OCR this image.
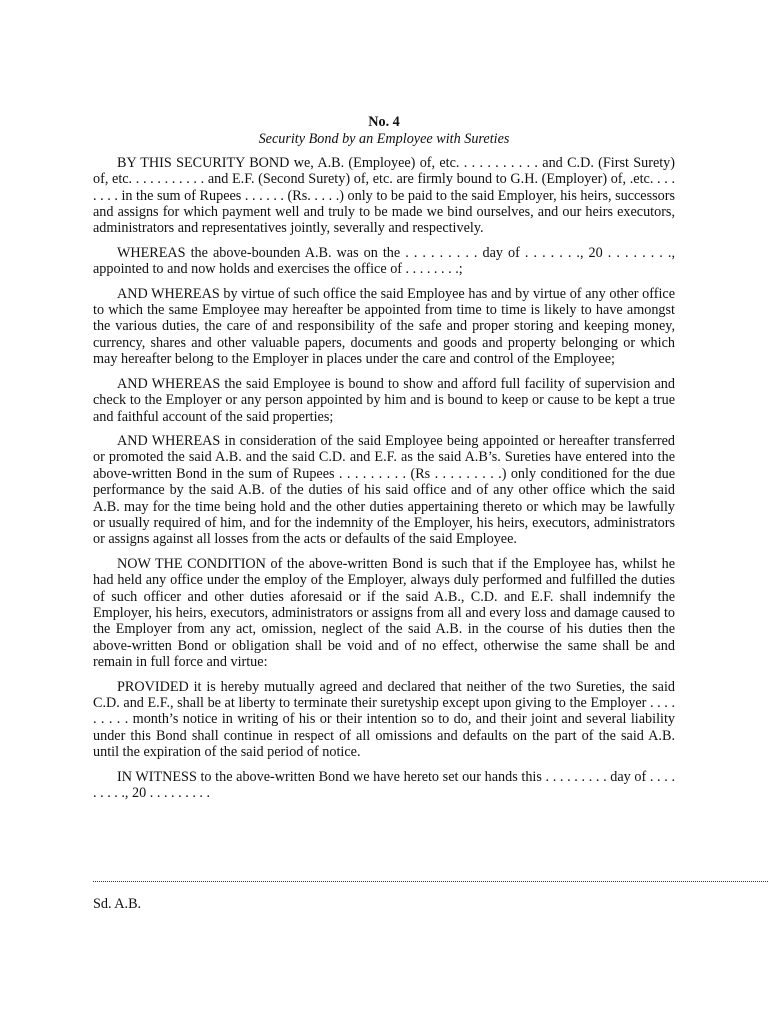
No. 4
Security Bond by an Employee with Sureties

BY THIS SECURITY BOND we, A.B. (Employee) of, etc. . . . . . . . . . . and C.D. (First Surety) of, etc. . . . . . . . . . . and E.F. (Second Surety) of, etc. are firmly bound to G.H. (Employer) of, .etc. . . . . . . . in the sum of Rupees . . . . . . (Rs. . . . .) only to be paid to the said Employer, his heirs, successors and assigns for which payment well and truly to be made we bind ourselves, and our heirs executors, administrators and representatives jointly, severally and respectively.

WHEREAS the above-bounden A.B. was on the . . . . . . . . . day of . . . . . . ., 20 . . . . . . . ., appointed to and now holds and exercises the office of . . . . . . . .;

AND WHEREAS by virtue of such office the said Employee has and by virtue of any other office to which the same Employee may hereafter be appointed from time to time is likely to have amongst the various duties, the care of and responsibility of the safe and proper storing and keeping money, currency, shares and other valuable papers, documents and goods and property belonging or which may hereafter belong to the Employer in places under the care and control of the Employee;

AND WHEREAS the said Employee is bound to show and afford full facility of supervision and check to the Employer or any person appointed by him and is bound to keep or cause to be kept a true and faithful account of the said properties;

AND WHEREAS in consideration of the said Employee being appointed or hereafter transferred or promoted the said A.B. and the said C.D. and E.F. as the said A.B’s. Sureties have entered into the above-written Bond in the sum of Rupees . . . . . . . . . (Rs . . . . . . . . .) only conditioned for the due performance by the said A.B. of the duties of his said office and of any other office which the said A.B. may for the time being hold and the other duties appertaining thereto or which may be lawfully or usually required of him, and for the indemnity of the Employer, his heirs, executors, administrators or assigns against all losses from the acts or defaults of the said Employee.

NOW THE CONDITION of the above-written Bond is such that if the Employee has, whilst he had held any office under the employ of the Employer, always duly performed and fulfilled the duties of such officer and other duties aforesaid or if the said A.B., C.D. and E.F. shall indemnify the Employer, his heirs, executors, administrators or assigns from all and every loss and damage caused to the Employer from any act, omission, neglect of the said A.B. in the course of his duties then the above-written Bond or obligation shall be void and of no effect, otherwise the same shall be and remain in full force and virtue:

PROVIDED it is hereby mutually agreed and declared that neither of the two Sureties, the said C.D. and E.F., shall be at liberty to terminate their suretyship except upon giving to the Employer . . . . . . . . . month’s notice in writing of his or their intention so to do, and their joint and several liability under this Bond shall continue in respect of all omissions and defaults on the part of the said A.B. until the expiration of the said period of notice.

IN WITNESS to the above-written Bond we have hereto set our hands this . . . . . . . . . day of . . . . . . . . ., 20 . . . . . . . . .

Sd. A.B.
